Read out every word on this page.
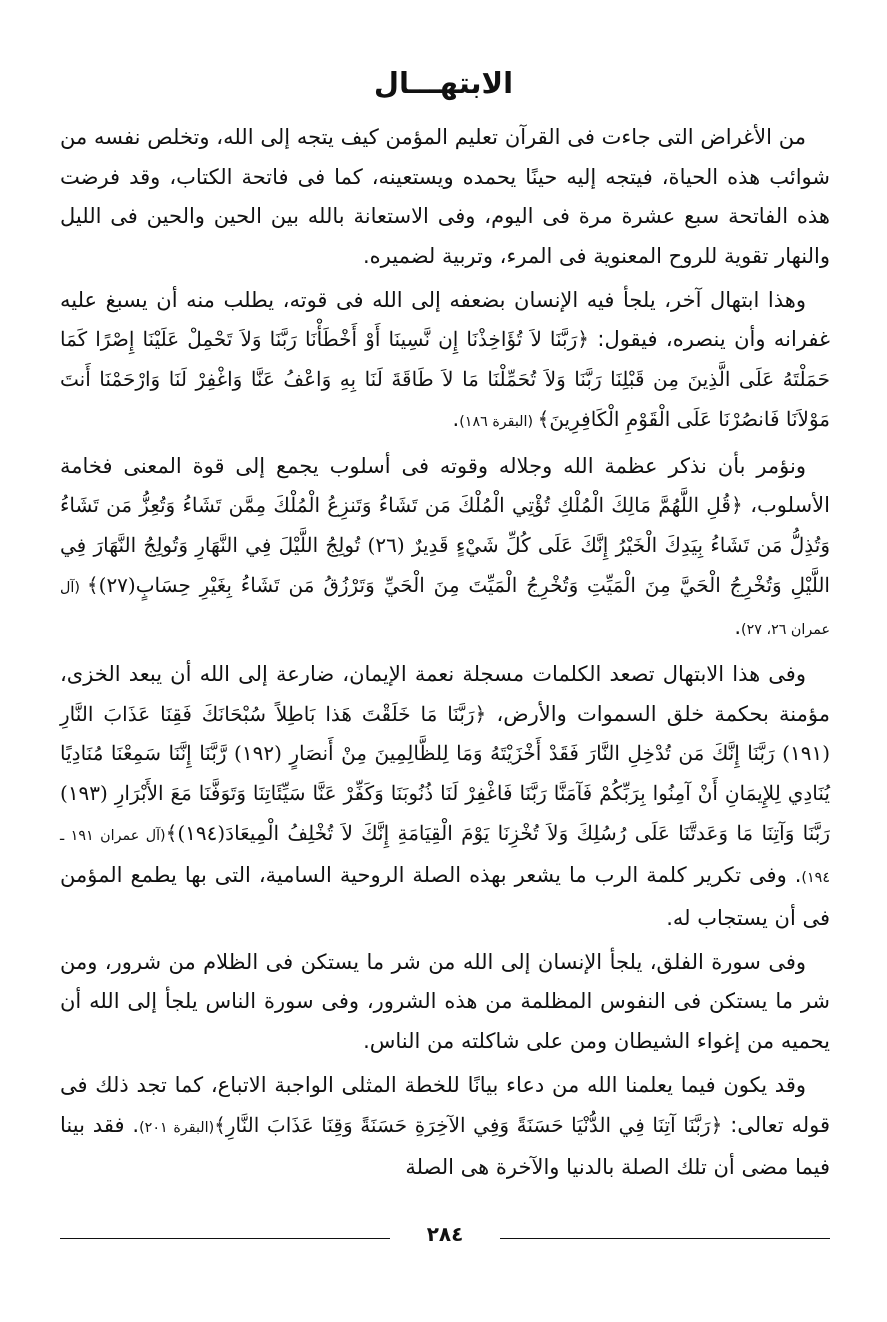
الابتهـــال

من الأغراض التى جاءت فى القرآن تعليم المؤمن كيف يتجه إلى الله، وتخلص نفسه من شوائب هذه الحياة، فيتجه إليه حينًا يحمده ويستعينه، كما فى فاتحة الكتاب، وقد فرضت هذه الفاتحة سبع عشرة مرة فى اليوم، وفى الاستعانة بالله بين الحين والحين فى الليل والنهار تقوية للروح المعنوية فى المرء، وتربية لضميره.

وهذا ابتهال آخر، يلجأ فيه الإنسان بضعفه إلى الله فى قوته، يطلب منه أن يسبغ عليه غفرانه وأن ينصره، فيقول: ﴿رَبَّنَا لاَ تُؤَاخِذْنَا إِن نَّسِينَا أَوْ أَخْطَأْنَا رَبَّنَا وَلاَ تَحْمِلْ عَلَيْنَا إِصْرًا كَمَا حَمَلْتَهُ عَلَى الَّذِينَ مِن قَبْلِنَا رَبَّنَا وَلاَ تُحَمِّلْنَا مَا لاَ طَاقَةَ لَنَا بِهِ وَاعْفُ عَنَّا وَاغْفِرْ لَنَا وَارْحَمْنَا أَنتَ مَوْلاَنَا فَانصُرْنَا عَلَى الْقَوْمِ الْكَافِرِينَ﴾ (البقرة ١٨٦).

ونؤمر بأن نذكر عظمة الله وجلاله وقوته فى أسلوب يجمع إلى قوة المعنى فخامة الأسلوب، ﴿قُلِ اللَّهُمَّ مَالِكَ الْمُلْكِ تُؤْتِي الْمُلْكَ مَن تَشَاءُ وَتَنزِعُ الْمُلْكَ مِمَّن تَشَاءُ وَتُعِزُّ مَن تَشَاءُ وَتُذِلُّ مَن تَشَاءُ بِيَدِكَ الْخَيْرُ إِنَّكَ عَلَى كُلِّ شَيْءٍ قَدِيرٌ (٢٦) تُولِجُ اللَّيْلَ فِي النَّهَارِ وَتُولِجُ النَّهَارَ فِي اللَّيْلِ وَتُخْرِجُ الْحَيَّ مِنَ الْمَيِّتِ وَتُخْرِجُ الْمَيِّتَ مِنَ الْحَيِّ وَتَرْزُقُ مَن تَشَاءُ بِغَيْرِ حِسَابٍ(٢٧)﴾ (آل عمران ٢٦، ٢٧).

وفى هذا الابتهال تصعد الكلمات مسجلة نعمة الإيمان، ضارعة إلى الله أن يبعد الخزى، مؤمنة بحكمة خلق السموات والأرض، ﴿رَبَّنَا مَا خَلَقْتَ هَذا بَاطِلاً سُبْحَانَكَ فَقِنَا عَذَابَ النَّارِ (١٩١) رَبَّنَا إِنَّكَ مَن تُدْخِلِ النَّارَ فَقَدْ أَخْزَيْتَهُ وَمَا لِلظَّالِمِينَ مِنْ أَنصَارٍ (١٩٢) رَّبَّنَا إِنَّنَا سَمِعْنَا مُنَادِيًا يُنَادِي لِلإِيمَانِ أَنْ آمِنُوا بِرَبِّكُمْ فَآمَنَّا رَبَّنَا فَاغْفِرْ لَنَا ذُنُوبَنَا وَكَفِّرْ عَنَّا سَيِّئَاتِنَا وَتَوَفَّنَا مَعَ الأَبْرَارِ (١٩٣) رَبَّنَا وَآتِنَا مَا وَعَدتَّنَا عَلَى رُسُلِكَ وَلاَ تُخْزِنَا يَوْمَ الْقِيَامَةِ إِنَّكَ لاَ تُخْلِفُ الْمِيعَادَ(١٩٤)﴾(آل عمران ١٩١ ـ ١٩٤). وفى تكرير كلمة الرب ما يشعر بهذه الصلة الروحية السامية، التى بها يطمع المؤمن فى أن يستجاب له.

وفى سورة الفلق، يلجأ الإنسان إلى الله من شر ما يستكن فى الظلام من شرور، ومن شر ما يستكن فى النفوس المظلمة من هذه الشرور، وفى سورة الناس يلجأ إلى الله أن يحميه من إغواء الشيطان ومن على شاكلته من الناس.

وقد يكون فيما يعلمنا الله من دعاء بيانًا للخطة المثلى الواجبة الاتباع، كما تجد ذلك فى قوله تعالى: ﴿رَبَّنَا آتِنَا فِي الدُّنْيَا حَسَنَةً وَفِي الآخِرَةِ حَسَنَةً وَقِنَا عَذَابَ النَّارِ﴾(البقرة ٢٠١). فقد بينا فيما مضى أن تلك الصلة بالدنيا والآخرة هى الصلة

٢٨٤
